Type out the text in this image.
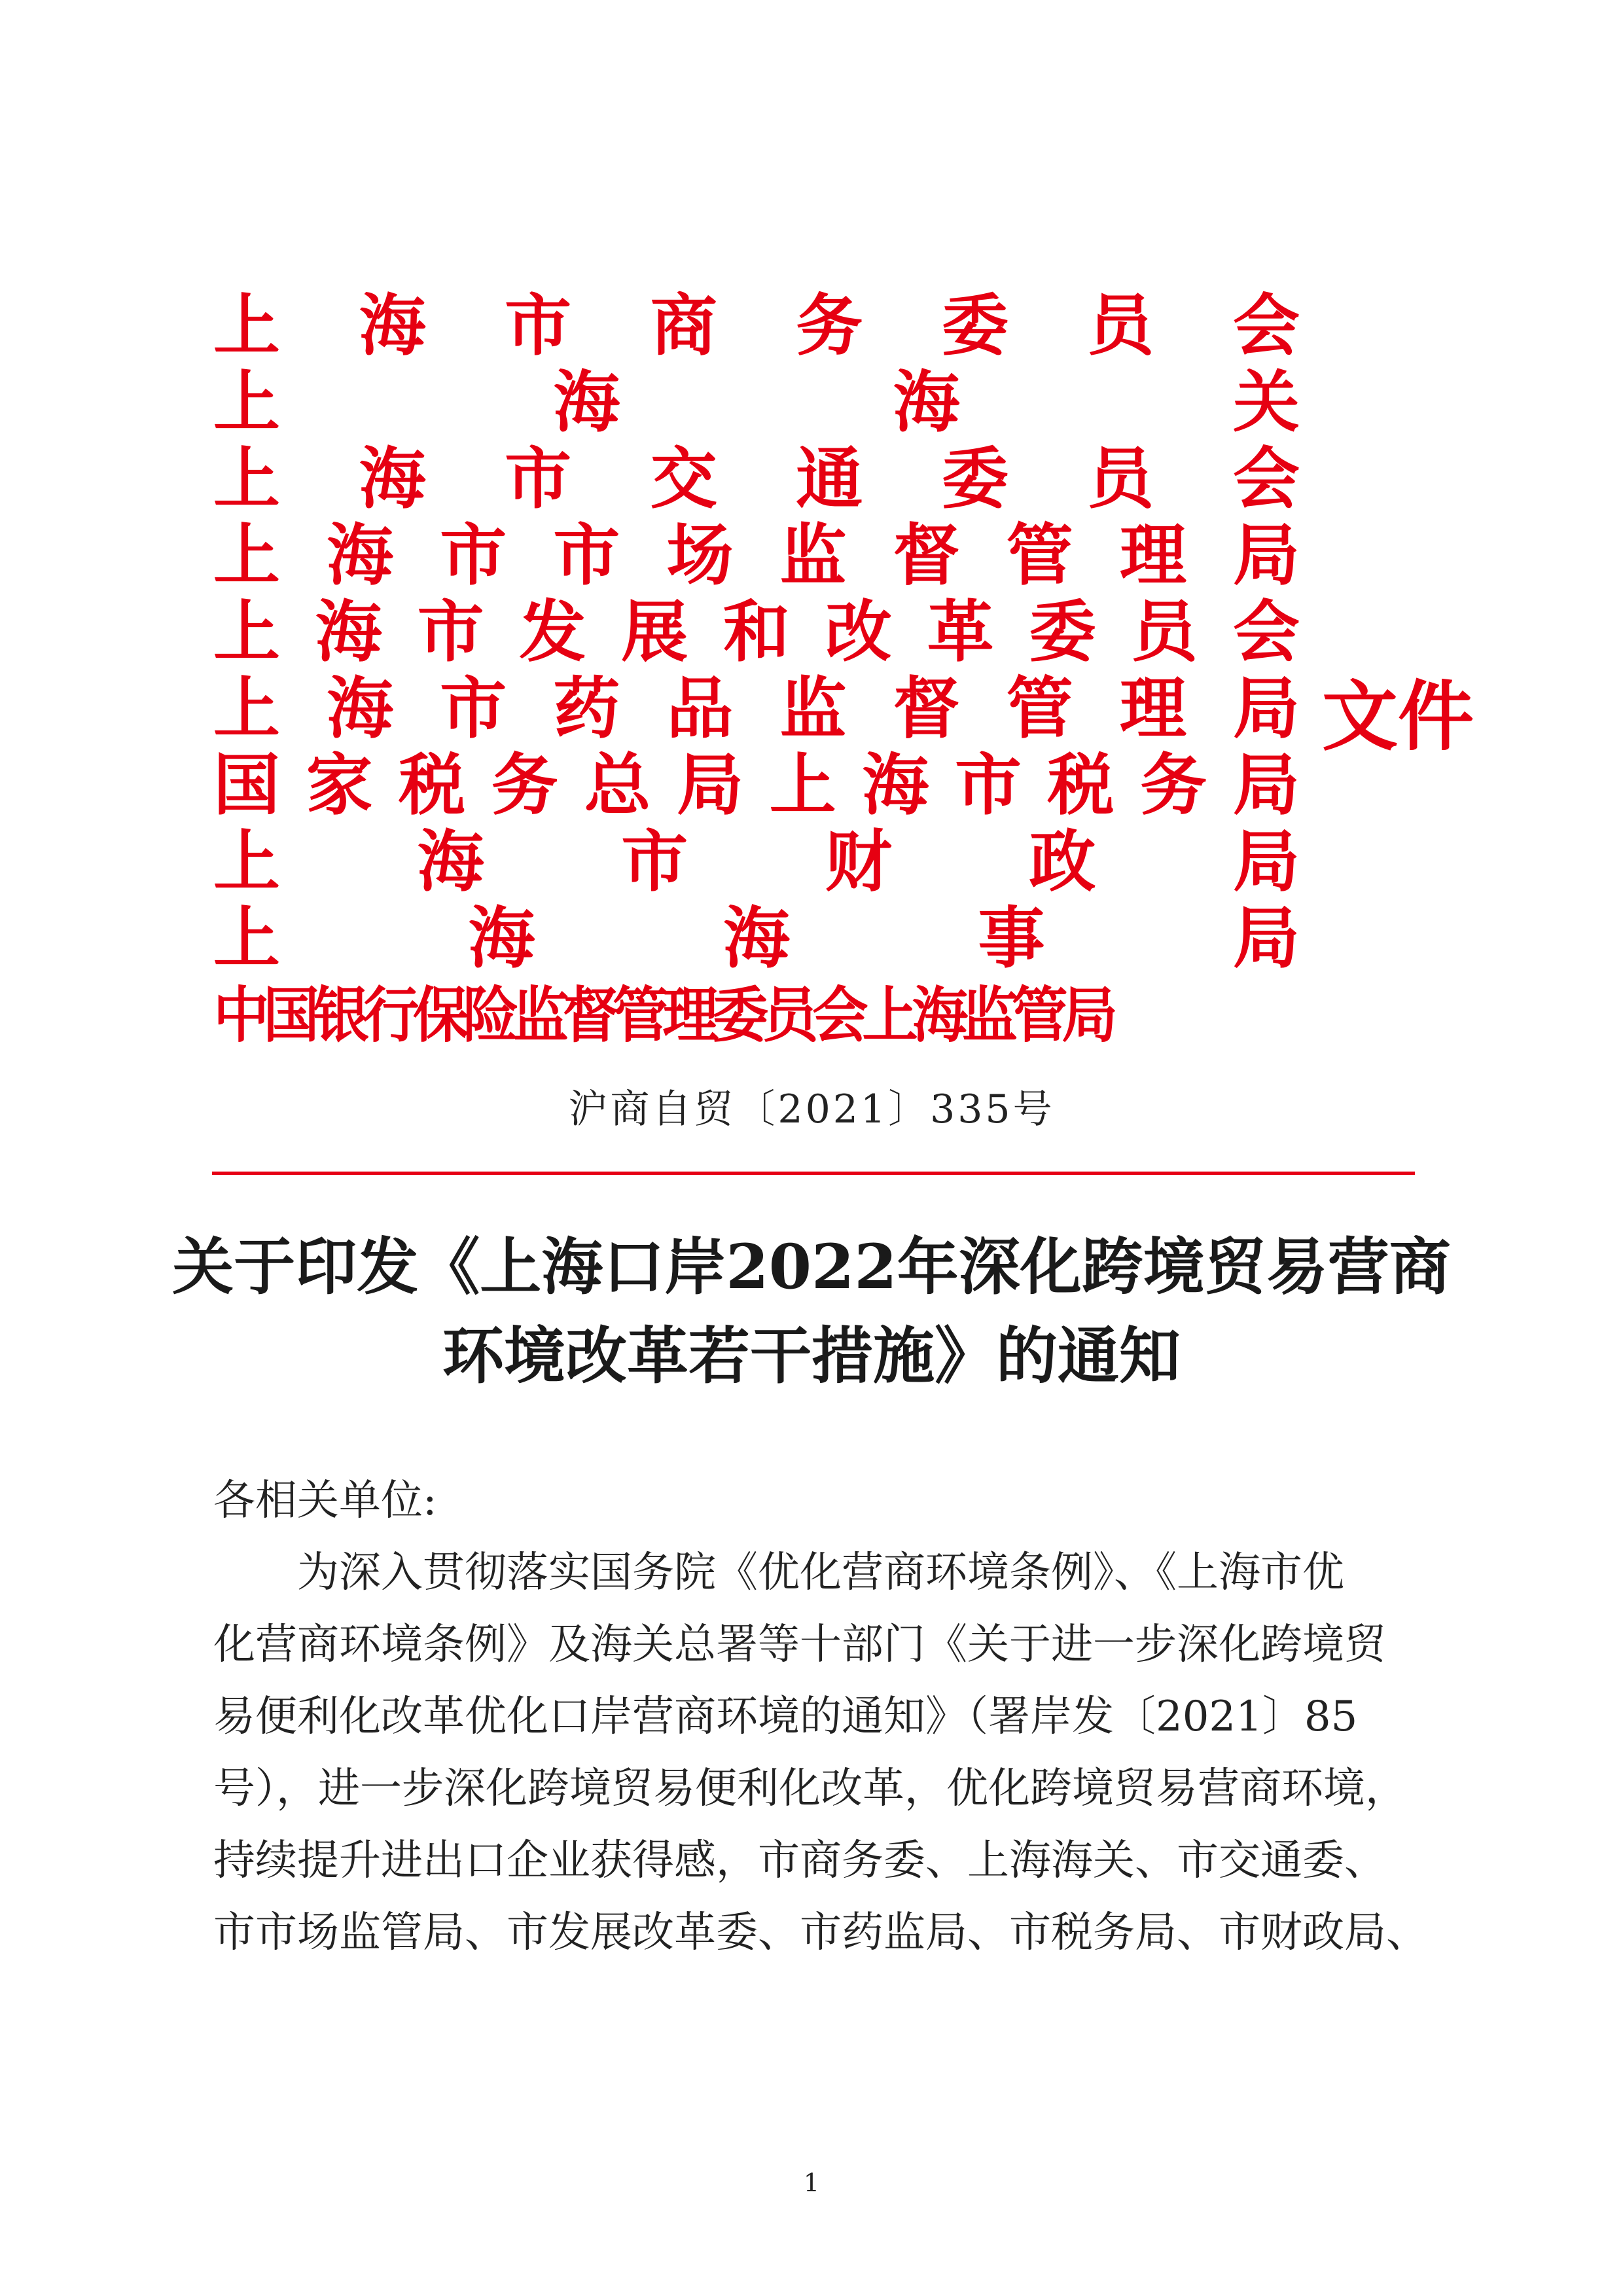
上 海 市 商 务 委 员 会
上	海	海	关
上 海 市 交 通 委 员 会
上 海 市 市 场 监 督 管 理 局
上 海 市 发 展 和 改 革 委 员 会
上 海 市 药 品 监 督 管 理 局
国 家 税 务 总 局 上 海 市 税 务 局
上 海 市 财 政 局
上	海	海	事	局
中国银行保险监督管理委员会上海监管局
文件
沪商自贸〔2021〕335号
关于印发《上海口岸2022年深化跨境贸易营商
环境改革若干措施》的通知
各相关单位:
为深入贯彻落实国务院《优化营商环境条例》、《上海市优
化营商环境条例》及海关总署等十部门《关于进一步深化跨境贸
易便利化改革优化口岸营商环境的通知》（署岸发〔2021〕85
号），进一步深化跨境贸易便利化改革，优化跨境贸易营商环境，
持续提升进出口企业获得感，市商务委、上海海关、市交通委、
市市场监管局、市发展改革委、市药监局、市税务局、市财政局、
1
